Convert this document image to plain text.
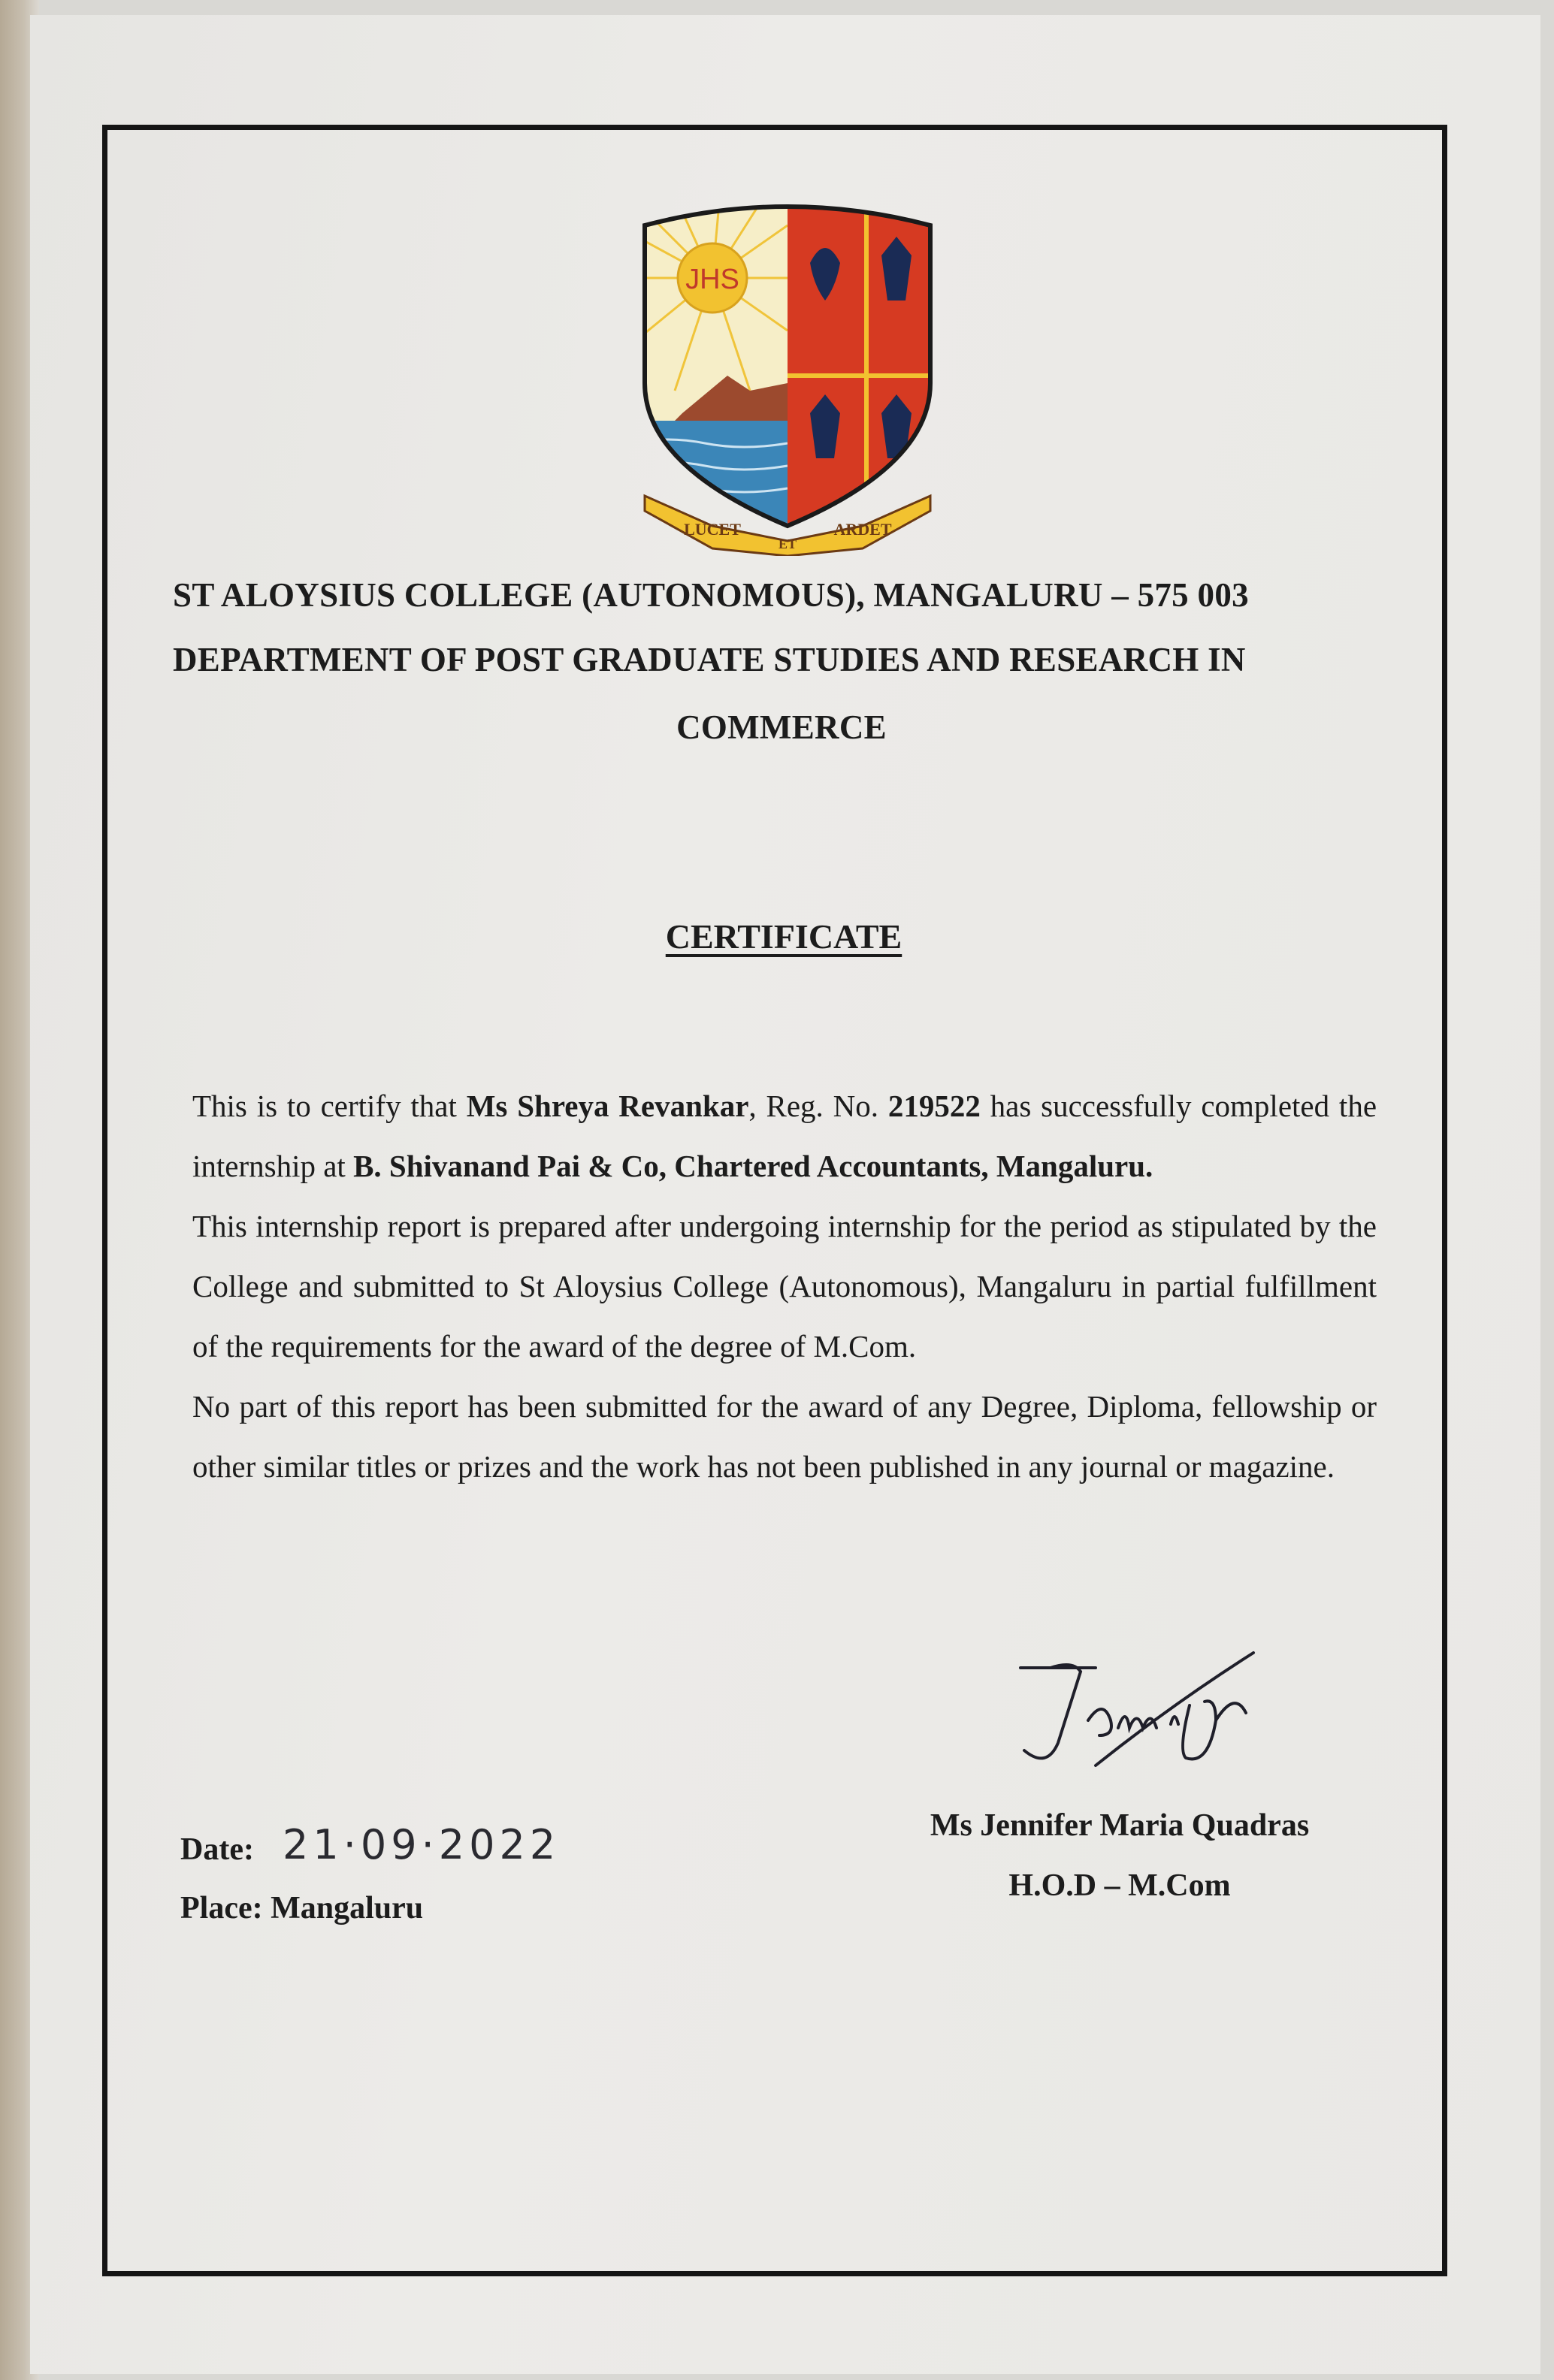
JHS
LUCET
ET
ARDET
ST ALOYSIUS COLLEGE (AUTONOMOUS), MANGALURU – 575 003
DEPARTMENT OF POST GRADUATE STUDIES AND RESEARCH IN
COMMERCE
CERTIFICATE

This is to certify that Ms Shreya Revankar, Reg. No. 219522 has successfully completed the internship at B. Shivanand Pai & Co, Chartered Accountants, Mangaluru.

This internship report is prepared after undergoing internship for the period as stipulated by the College and submitted to St Aloysius College (Autonomous), Mangaluru in partial fulfillment of the requirements for the award of the degree of M.Com.

No part of this report has been submitted for the award of any Degree, Diploma, fellowship or other similar titles or prizes and the work has not been published in any journal or magazine.

Date: 21·09·2022
Place: Mangaluru
Ms Jennifer Maria Quadras
H.O.D – M.Com
